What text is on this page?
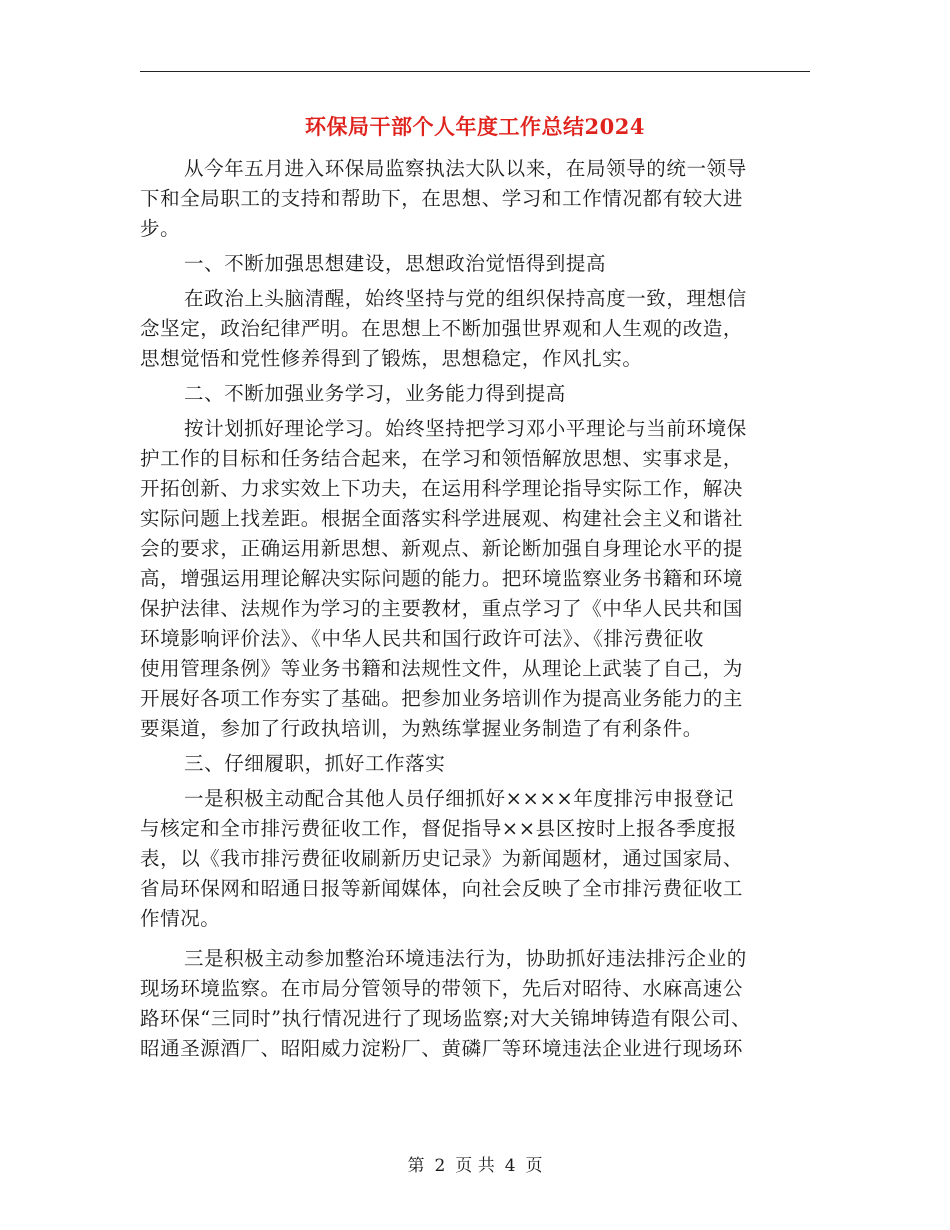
环保局干部个人年度工作总结2024
从今年五月进入环保局监察执法大队以来，在局领导的统一领导
下和全局职工的支持和帮助下，在思想、学习和工作情况都有较大进
步。
一、不断加强思想建设，思想政治觉悟得到提高
在政治上头脑清醒，始终坚持与党的组织保持高度一致，理想信
念坚定，政治纪律严明。在思想上不断加强世界观和人生观的改造，
思想觉悟和党性修养得到了锻炼，思想稳定，作风扎实。
二、不断加强业务学习，业务能力得到提高
按计划抓好理论学习。始终坚持把学习邓小平理论与当前环境保
护工作的目标和任务结合起来，在学习和领悟解放思想、实事求是，
开拓创新、力求实效上下功夫，在运用科学理论指导实际工作，解决
实际问题上找差距。根据全面落实科学进展观、构建社会主义和谐社
会的要求，正确运用新思想、新观点、新论断加强自身理论水平的提
高，增强运用理论解决实际问题的能力。把环境监察业务书籍和环境
保护法律、法规作为学习的主要教材，重点学习了《中华人民共和国
环境影响评价法》、《中华人民共和国行政许可法》、《排污费征收
使用管理条例》等业务书籍和法规性文件，从理论上武装了自己，为
开展好各项工作夯实了基础。把参加业务培训作为提高业务能力的主
要渠道，参加了行政执培训，为熟练掌握业务制造了有利条件。
三、仔细履职，抓好工作落实
一是积极主动配合其他人员仔细抓好××××年度排污申报登记
与核定和全市排污费征收工作，督促指导××县区按时上报各季度报
表，以《我市排污费征收刷新历史记录》为新闻题材，通过国家局、
省局环保网和昭通日报等新闻媒体，向社会反映了全市排污费征收工
作情况。
三是积极主动参加整治环境违法行为，协助抓好违法排污企业的
现场环境监察。在市局分管领导的带领下，先后对昭待、水麻高速公
路环保“三同时”执行情况进行了现场监察;对大关锦坤铸造有限公司、
昭通圣源酒厂、昭阳威力淀粉厂、黄磷厂等环境违法企业进行现场环
第 2 页 共 4 页
